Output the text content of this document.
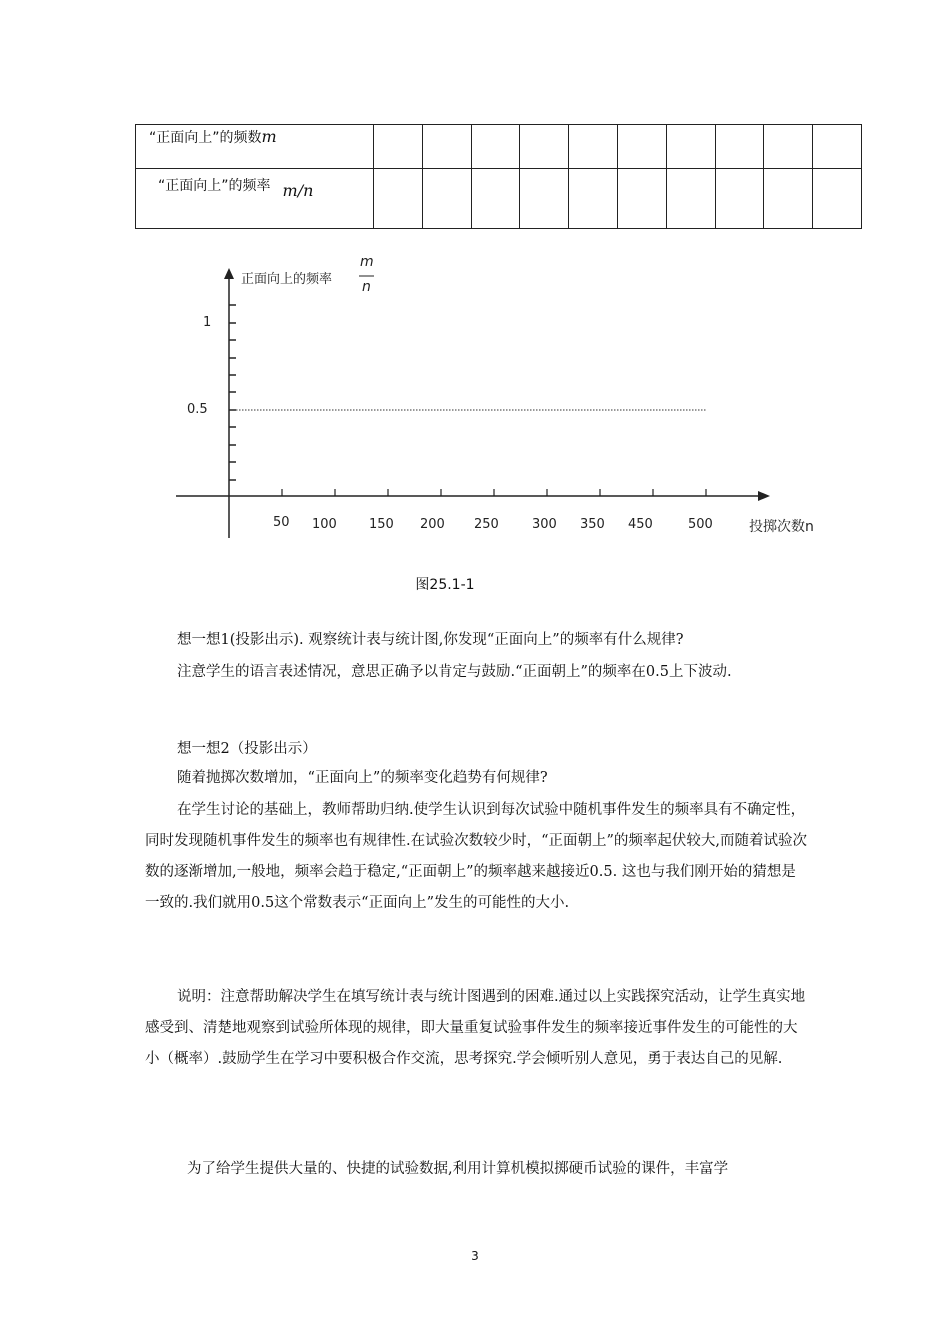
“正面向上”的频数m										
“正面向上”的频率 m/n										
正面向上的频率
m
n
1
0.5
50 100 150 200 250	300 350 450	500	投掷次数n
图25.1-1

想一想1(投影出示). 观察统计表与统计图,你发现“正面向上”的频率有什么规律?

注意学生的语言表述情况，意思正确予以肯定与鼓励.“正面朝上”的频率在0.5上下波动.

想一想2（投影出示）

随着抛掷次数增加，“正面向上”的频率变化趋势有何规律?

在学生讨论的基础上，教师帮助归纳.使学生认识到每次试验中随机事件发生的频率具有不确定性，同时发现随机事件发生的频率也有规律性.在试验次数较少时，“正面朝上”的频率起伏较大,而随着试验次数的逐渐增加,一般地，频率会趋于稳定,“正面朝上”的频率越来越接近0.5. 这也与我们刚开始的猜想是一致的.我们就用0.5这个常数表示“正面向上”发生的可能性的大小.

说明：注意帮助解决学生在填写统计表与统计图遇到的困难.通过以上实践探究活动，让学生真实地感受到、清楚地观察到试验所体现的规律，即大量重复试验事件发生的频率接近事件发生的可能性的大小（概率）.鼓励学生在学习中要积极合作交流，思考探究.学会倾听别人意见，勇于表达自己的见解.

为了给学生提供大量的、快捷的试验数据,利用计算机模拟掷硬币试验的课件，丰富学

3
